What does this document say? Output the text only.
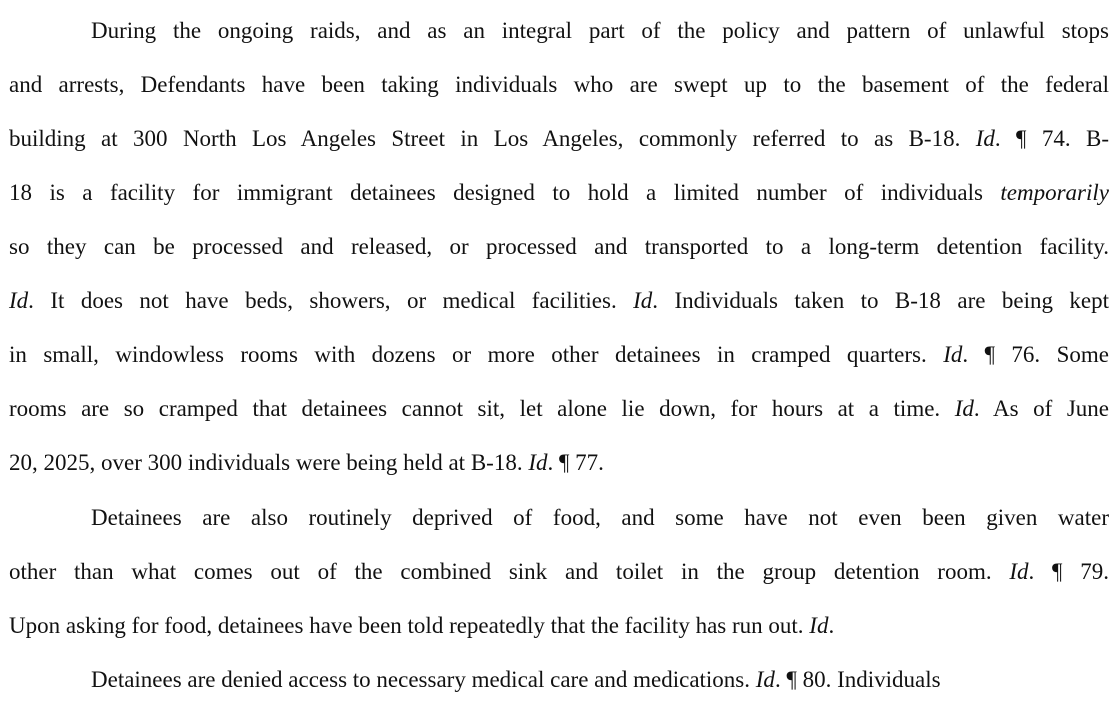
During the ongoing raids, and as an integral part of the policy and pattern of unlawful stops
and arrests, Defendants have been taking individuals who are swept up to the basement of the federal
building at 300 North Los Angeles Street in Los Angeles, commonly referred to as B-18. Id. ¶ 74. B-
18 is a facility for immigrant detainees designed to hold a limited number of individuals temporarily
so they can be processed and released, or processed and transported to a long-term detention facility.
Id. It does not have beds, showers, or medical facilities. Id. Individuals taken to B-18 are being kept
in small, windowless rooms with dozens or more other detainees in cramped quarters. Id. ¶ 76. Some
rooms are so cramped that detainees cannot sit, let alone lie down, for hours at a time. Id. As of June
20, 2025, over 300 individuals were being held at B-18. Id. ¶ 77.
Detainees are also routinely deprived of food, and some have not even been given water
other than what comes out of the combined sink and toilet in the group detention room. Id. ¶ 79.
Upon asking for food, detainees have been told repeatedly that the facility has run out. Id.
Detainees are denied access to necessary medical care and medications. Id. ¶ 80. Individuals
